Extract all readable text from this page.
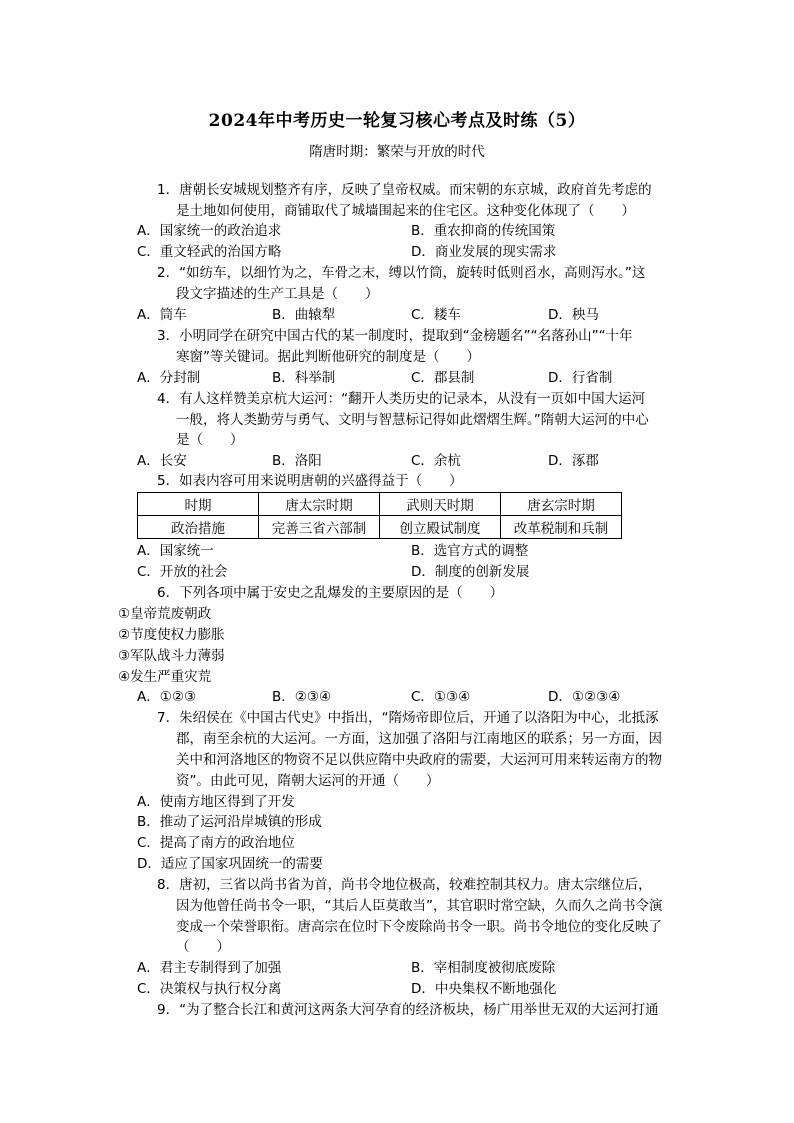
2024年中考历史一轮复习核心考点及时练（5）
隋唐时期：繁荣与开放的时代
1．唐朝长安城规划整齐有序，反映了皇帝权威。而宋朝的东京城，政府首先考虑的
是土地如何使用，商铺取代了城墙围起来的住宅区。这种变化体现了（　　）
A．国家统一的政治追求	B．重农抑商的传统国策
C．重文轻武的治国方略	D．商业发展的现实需求
2．“如纺车，以细竹为之，车骨之末，缚以竹筒，旋转时低则舀水，高则泻水。”这
段文字描述的生产工具是（　　）
A．筒车	B．曲辕犁	C．耧车	D．秧马
3．小明同学在研究中国古代的某一制度时，提取到“金榜题名”“名落孙山”“十年
寒窗”等关键词。据此判断他研究的制度是（　　）
A．分封制	B．科举制	C．郡县制	D．行省制
4．有人这样赞美京杭大运河：“翻开人类历史的记录本，从没有一页如中国大运河
一般，将人类勤劳与勇气、文明与智慧标记得如此熠熠生辉。”隋朝大运河的中心
是（　　）
A．长安	B．洛阳	C．余杭	D．涿郡
5．如表内容可用来说明唐朝的兴盛得益于（　　）
时期	唐太宗时期	武则天时期	唐玄宗时期
政治措施	完善三省六部制	创立殿试制度	改革税制和兵制
A．国家统一	B．选官方式的调整
C．开放的社会	D．制度的创新发展
6．下列各项中属于安史之乱爆发的主要原因的是（　　）
①皇帝荒废朝政
②节度使权力膨胀
③军队战斗力薄弱
④发生严重灾荒
A．①②③	B．②③④	C．①③④	D．①②③④
7．朱绍侯在《中国古代史》中指出，“隋炀帝即位后，开通了以洛阳为中心，北抵涿
郡，南至余杭的大运河。一方面，这加强了洛阳与江南地区的联系；另一方面，因
关中和河洛地区的物资不足以供应隋中央政府的需要，大运河可用来转运南方的物
资”。由此可见，隋朝大运河的开通（　　）
A．使南方地区得到了开发
B．推动了运河沿岸城镇的形成
C．提高了南方的政治地位
D．适应了国家巩固统一的需要
8．唐初，三省以尚书省为首，尚书令地位极高，较难控制其权力。唐太宗继位后，
因为他曾任尚书令一职，“其后人臣莫敢当”，其官职时常空缺，久而久之尚书令演
变成一个荣誉职衔。唐高宗在位时下令废除尚书令一职。尚书令地位的变化反映了
（　　）
A．君主专制得到了加强	B．宰相制度被彻底废除
C．决策权与执行权分离	D．中央集权不断地强化
9．“为了整合长江和黄河这两条大河孕育的经济板块，杨广用举世无双的大运河打通
